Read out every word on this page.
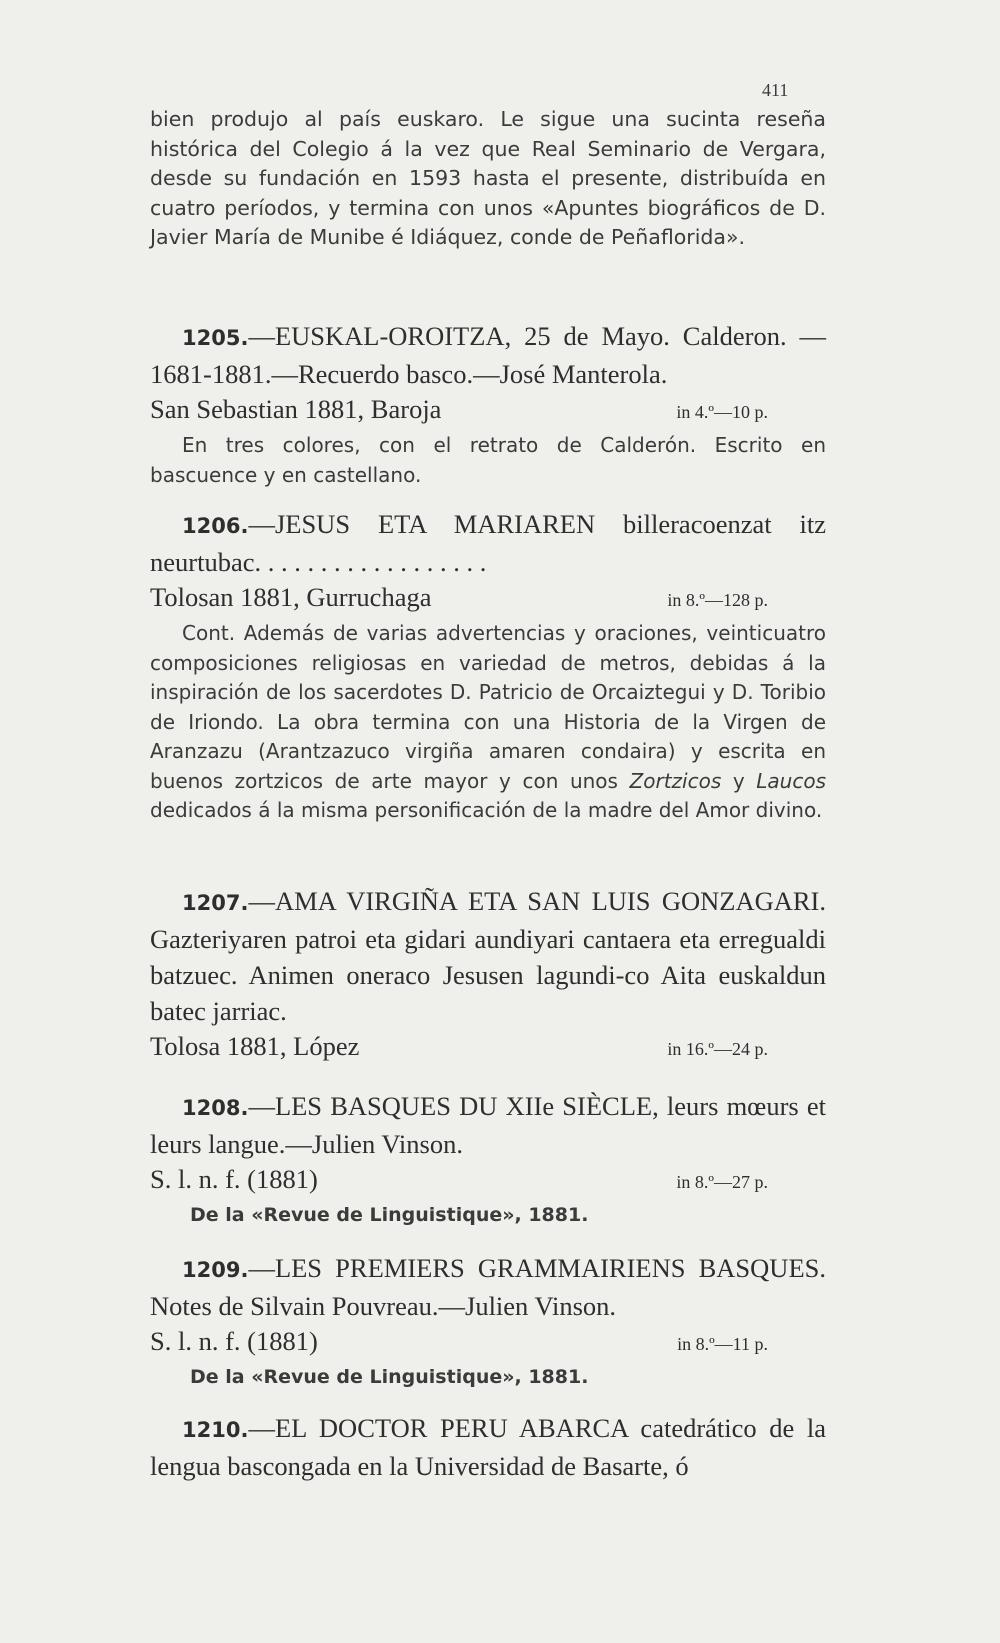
411

bien produjo al país euskaro. Le sigue una sucinta reseña histórica del Colegio á la vez que Real Seminario de Vergara, desde su fundación en 1593 hasta el presente, distribuída en cuatro períodos, y termina con unos «Apuntes biográficos de D. Javier María de Munibe é Idiáquez, conde de Peñaflorida».

1205.—EUSKAL-OROITZA, 25 de Mayo. Calderon. —1681-1881.—Recuerdo basco.—José Manterola.

San Sebastian 1881, Baroja	in 4.º—10 p.

En tres colores, con el retrato de Calderón. Escrito en bascuence y en castellano.

1206.—JESUS ETA MARIAREN billeracoenzat itz neurtubac. . . . . . . . . . . . . . . . . .

Tolosan 1881, Gurruchaga	in 8.º—128 p.

Cont. Además de varias advertencias y oraciones, veinticuatro composiciones religiosas en variedad de metros, debidas á la inspiración de los sacerdotes D. Patricio de Orcaiztegui y D. Toribio de Iriondo. La obra termina con una Historia de la Virgen de Aranzazu (Arantzazuco virgiña amaren condaira) y escrita en buenos zortzicos de arte mayor y con unos Zortzicos y Laucos dedicados á la misma personificación de la madre del Amor divino.

1207.—AMA VIRGIÑA ETA SAN LUIS GONZAGARI. Gazteriyaren patroi eta gidari aundiyari cantaera eta erregualdi batzuec. Animen oneraco Jesusen lagundi-co Aita euskaldun batec jarriac.

Tolosa 1881, López	in 16.º—24 p.

1208.—LES BASQUES DU XIIe SIÈCLE, leurs mœurs et leurs langue.—Julien Vinson.

S. l. n. f. (1881)	in 8.º—27 p.

De la «Revue de Linguistique», 1881.

1209.—LES PREMIERS GRAMMAIRIENS BASQUES. Notes de Silvain Pouvreau.—Julien Vinson.

S. l. n. f. (1881)	in 8.º—11 p.

De la «Revue de Linguistique», 1881.

1210.—EL DOCTOR PERU ABARCA catedrático de la lengua bascongada en la Universidad de Basarte, ó
